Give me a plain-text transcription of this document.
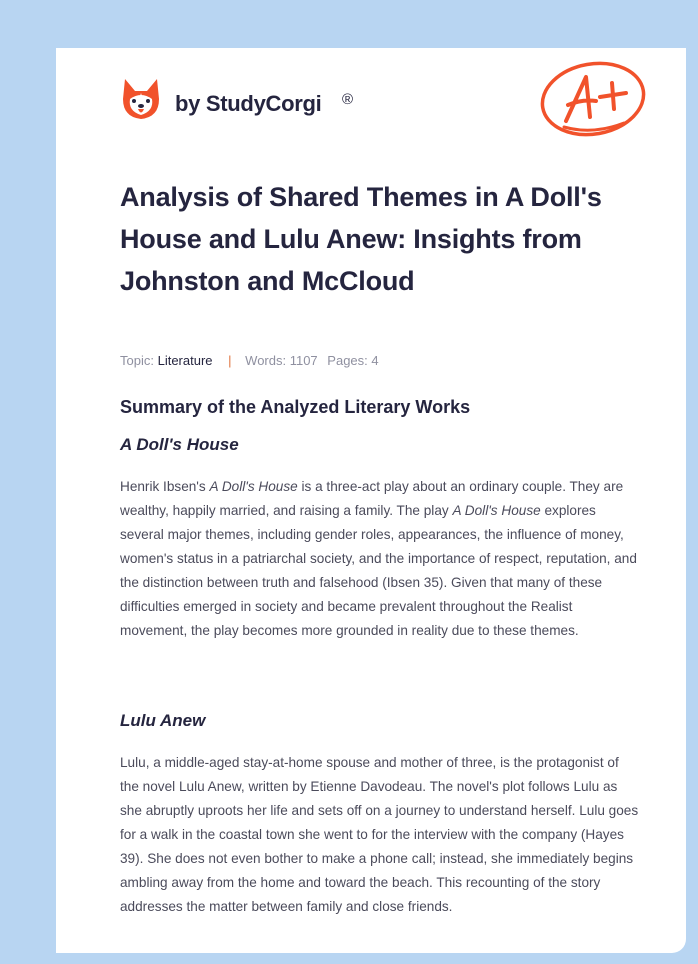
by StudyCorgi ®
Analysis of Shared Themes in A Doll's House and Lulu Anew: Insights from Johnston and McCloud
Topic: Literature | Words: 1107 Pages: 4
Summary of the Analyzed Literary Works
A Doll's House

Henrik Ibsen's A Doll's House is a three-act play about an ordinary couple. They are wealthy, happily married, and raising a family. The play A Doll's House explores several major themes, including gender roles, appearances, the influence of money, women's status in a patriarchal society, and the importance of respect, reputation, and the distinction between truth and falsehood (Ibsen 35). Given that many of these difficulties emerged in society and became prevalent throughout the Realist movement, the play becomes more grounded in reality due to these themes.

Lulu Anew

Lulu, a middle-aged stay-at-home spouse and mother of three, is the protagonist of the novel Lulu Anew, written by Etienne Davodeau. The novel's plot follows Lulu as she abruptly uproots her life and sets off on a journey to understand herself. Lulu goes for a walk in the coastal town she went to for the interview with the company (Hayes 39). She does not even bother to make a phone call; instead, she immediately begins ambling away from the home and toward the beach. This recounting of the story addresses the matter between family and close friends.
